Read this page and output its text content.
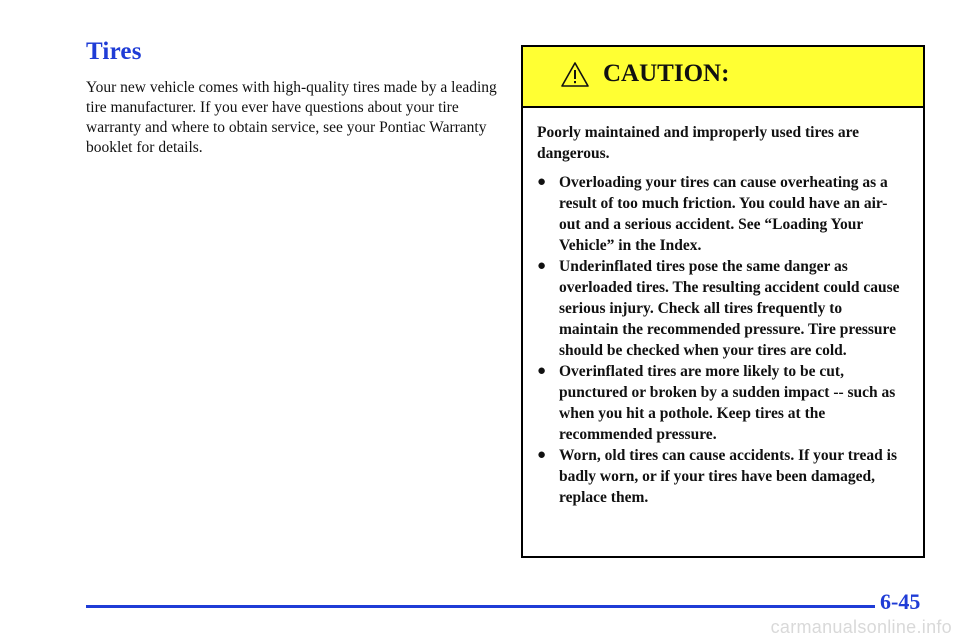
Tires

Your new vehicle comes with high-quality tires made by a leading tire manufacturer. If you ever have questions about your tire warranty and where to obtain service, see your Pontiac Warranty booklet for details.

CAUTION:

Poorly maintained and improperly used tires are dangerous.

● Overloading your tires can cause overheating as a result of too much friction. You could have an air-out and a serious accident. See “Loading Your Vehicle” in the Index.
● Underinflated tires pose the same danger as overloaded tires. The resulting accident could cause serious injury. Check all tires frequently to maintain the recommended pressure. Tire pressure should be checked when your tires are cold.
● Overinflated tires are more likely to be cut, punctured or broken by a sudden impact -- such as when you hit a pothole. Keep tires at the recommended pressure.
● Worn, old tires can cause accidents. If your tread is badly worn, or if your tires have been damaged, replace them.
6-45
carmanualsonline.info
